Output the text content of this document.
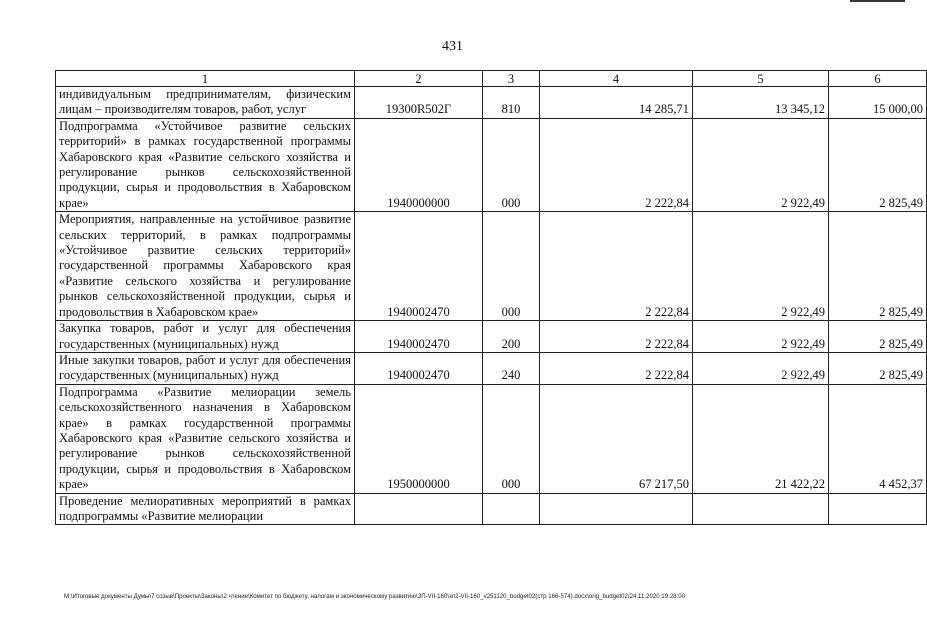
431
1	2	3	4	5	6

индивидуальным предпринимателям, физическим лицам – производителям товаров, работ, услуг	19300R502Г	810	14 285,71	13 345,12	15 000,00

Подпрограмма «Устойчивое развитие сельских территорий» в рамках государственной программы Хабаровского края «Развитие сельского хозяйства и регулирование рынков сельскохозяйственной продукции, сырья и продовольствия в Хабаровском крае»	1940000000	000	2 222,84	2 922,49	2 825,49

Мероприятия, направленные на устойчивое развитие сельских территорий, в рамках подпрограммы «Устойчивое развитие сельских территорий» государственной программы Хабаровского края «Развитие сельского хозяйства и регулирование рынков сельскохозяйственной продукции, сырья и продовольствия в Хабаровском крае»	1940002470	000	2 222,84	2 922,49	2 825,49

Закупка товаров, работ и услуг для обеспечения государственных (муниципальных) нужд	1940002470	200	2 222,84	2 922,49	2 825,49

Иные закупки товаров, работ и услуг для обеспечения государственных (муниципальных) нужд	1940002470	240	2 222,84	2 922,49	2 825,49

Подпрограмма «Развитие мелиорации земель сельскохозяйственного назначения в Хабаровском крае» в рамках государственной программы Хабаровского края «Развитие сельского хозяйства и регулирование рынков сельскохозяйственной продукции, сырья и продовольствия в Хабаровском крае»	1950000000	000	67 217,50	21 422,22	4 452,37

Проведение мелиоративных мероприятий в рамках подпрограммы «Развитие мелиорации					

М:\Итоговые документы Думы\7 созыв\Проекты\Законы\2 чтение\Комитет по бюджету, налогам и экономическому развитию\ЗП-VII-160\зп2-VII-160_v251120_budget02(стр 166-574).docx\orig_budget02/24.11.2020 19:28:00
